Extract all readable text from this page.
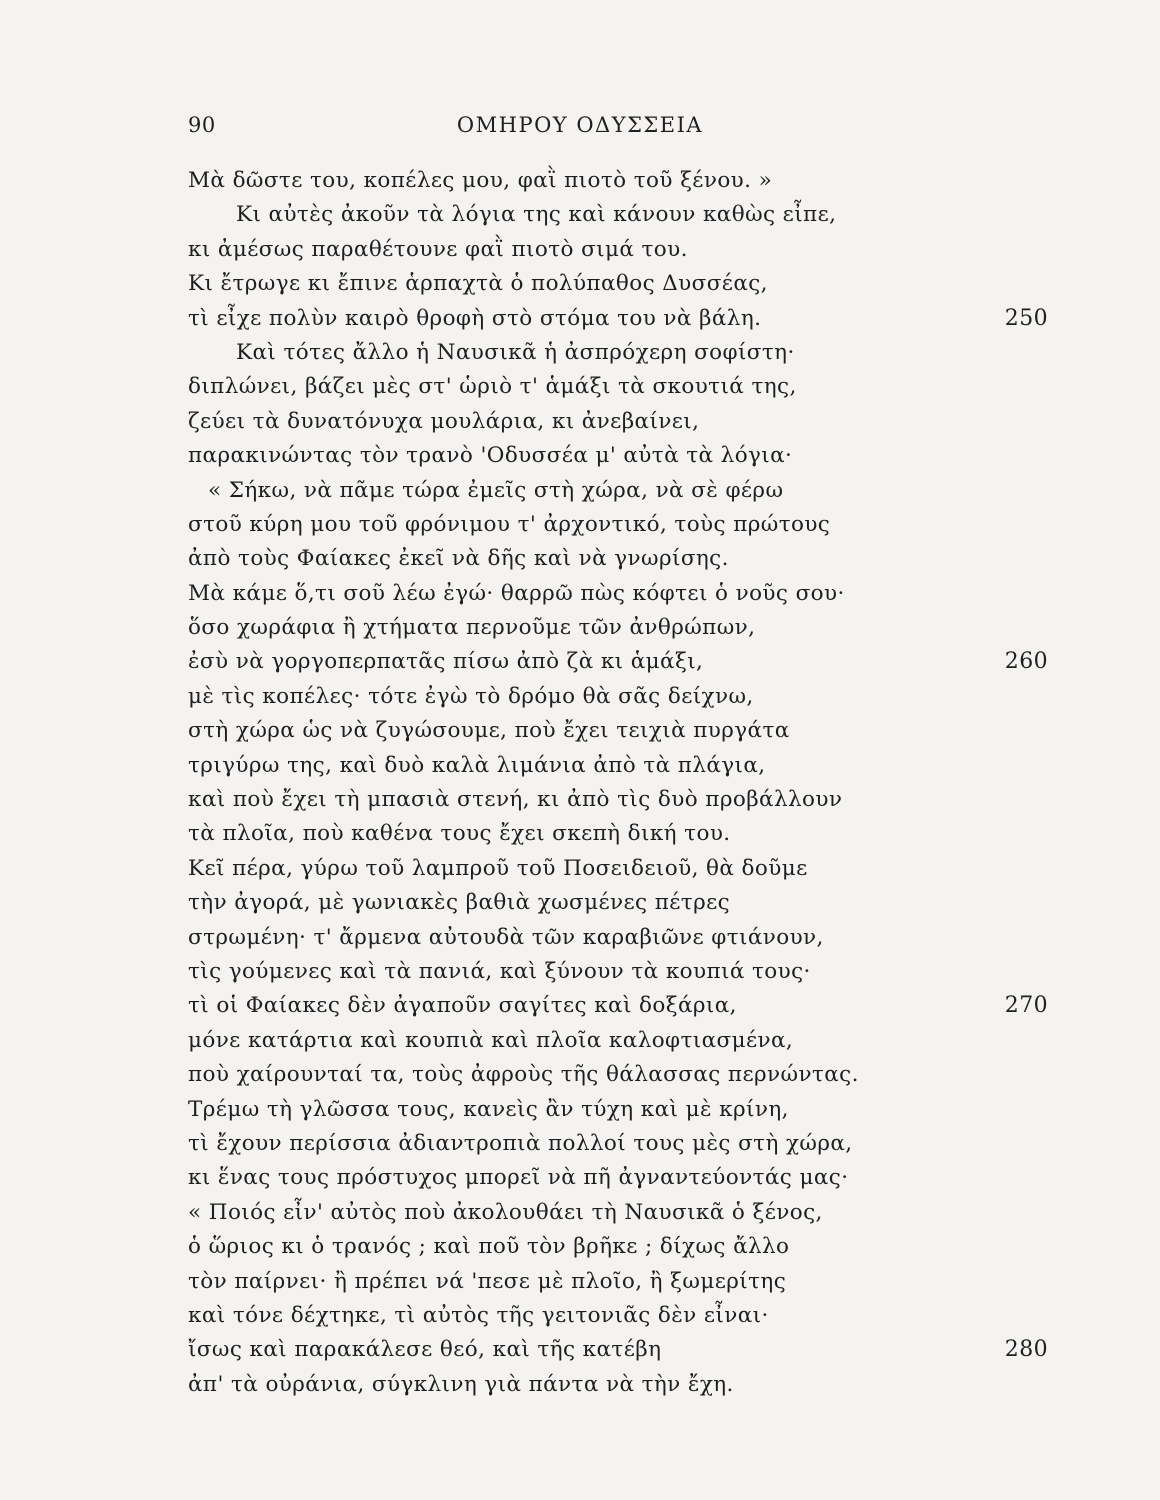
90	ΟΜΗΡΟΥ ΟΔΥΣΣΕΙΑ
Μὰ δῶστε του, κοπέλες μου, φαῒ πιοτὸ τοῦ ξένου. »
Κι αὐτὲς ἀκοῦν τὰ λόγια της καὶ κάνουν καθὼς εἶπε,
κι ἀμέσως παραθέτουνε φαῒ πιοτὸ σιμά του.
Κι ἔτρωγε κι ἔπινε ἁρπαχτὰ ὁ πολύπαθος Δυσσέας,
τὶ εἶχε πολὺν καιρὸ θροφὴ στὸ στόμα του νὰ βάλη.	250
Καὶ τότες ἄλλο ἡ Ναυσικᾶ ἡ ἀσπρόχερη σοφίστη·
διπλώνει, βάζει μὲς στ' ὡριὸ τ' ἁμάξι τὰ σκουτιά της,
ζεύει τὰ δυνατόνυχα μουλάρια, κι ἀνεβαίνει,
παρακινώντας τὸν τρανὸ 'Οδυσσέα μ' αὐτὰ τὰ λόγια·
« Σήκω, νὰ πᾶμε τώρα ἐμεῖς στὴ χώρα, νὰ σὲ φέρω
στοῦ κύρη μου τοῦ φρόνιμου τ' ἀρχοντικό, τοὺς πρώτους
ἀπὸ τοὺς Φαίακες ἐκεῖ νὰ δῆς καὶ νὰ γνωρίσης.
Μὰ κάμε ὅ,τι σοῦ λέω ἐγώ· θαρρῶ πὼς κόφτει ὁ νοῦς σου·
ὅσο χωράφια ἢ χτήματα περνοῦμε τῶν ἀνθρώπων,
ἐσὺ νὰ γοργοπερπατᾶς πίσω ἀπὸ ζὰ κι ἁμάξι,	260
μὲ τὶς κοπέλες· τότε ἐγὼ τὸ δρόμο θὰ σᾶς δείχνω,
στὴ χώρα ὡς νὰ ζυγώσουμε, ποὺ ἔχει τειχιὰ πυργάτα
τριγύρω της, καὶ δυὸ καλὰ λιμάνια ἀπὸ τὰ πλάγια,
καὶ ποὺ ἔχει τὴ μπασιὰ στενή, κι ἀπὸ τὶς δυὸ προβάλλουν
τὰ πλοῖα, ποὺ καθένα τους ἔχει σκεπὴ δική του.
Κεῖ πέρα, γύρω τοῦ λαμπροῦ τοῦ Ποσειδειοῦ, θὰ δοῦμε
τὴν ἀγορά, μὲ γωνιακὲς βαθιὰ χωσμένες πέτρες
στρωμένη· τ' ἄρμενα αὐτουδὰ τῶν καραβιῶνε φτιάνουν,
τὶς γούμενες καὶ τὰ πανιά, καὶ ξύνουν τὰ κουπιά τους·
τὶ οἱ Φαίακες δὲν ἀγαποῦν σαγίτες καὶ δοξάρια,	270
μόνε κατάρτια καὶ κουπιὰ καὶ πλοῖα καλοφτιασμένα,
ποὺ χαίρουνταί τα, τοὺς ἀφροὺς τῆς θάλασσας περνώντας.
Τρέμω τὴ γλῶσσα τους, κανεὶς ἂν τύχη καὶ μὲ κρίνη,
τὶ ἔχουν περίσσια ἀδιαντροπιὰ πολλοί τους μὲς στὴ χώρα,
κι ἕνας τους πρόστυχος μπορεῖ νὰ πῆ ἀγναντεύοντάς μας·
« Ποιός εἶν' αὐτὸς ποὺ ἀκολουθάει τὴ Ναυσικᾶ ὁ ξένος,
ὁ ὥριος κι ὁ τρανός ; καὶ ποῦ τὸν βρῆκε ; δίχως ἄλλο
τὸν παίρνει· ἢ πρέπει νά 'πεσε μὲ πλοῖο, ἢ ξωμερίτης
καὶ τόνε δέχτηκε, τὶ αὐτὸς τῆς γειτονιᾶς δὲν εἶναι·
ἴσως καὶ παρακάλεσε θεό, καὶ τῆς κατέβη	280
ἀπ' τὰ οὐράνια, σύγκλινη γιὰ πάντα νὰ τὴν ἔχη.
